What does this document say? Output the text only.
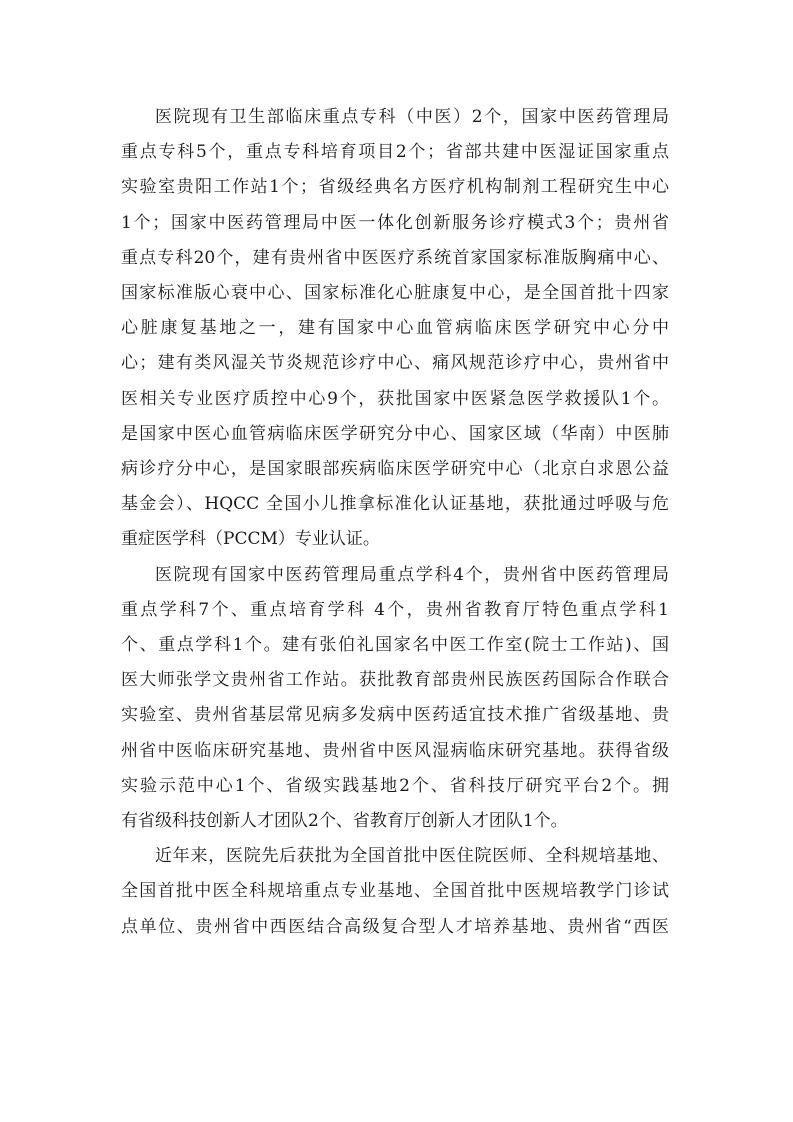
医院现有卫生部临床重点专科（中医）2个，国家中医药管理局
重点专科5个，重点专科培育项目2个；省部共建中医湿证国家重点
实验室贵阳工作站1个；省级经典名方医疗机构制剂工程研究生中心
1个；国家中医药管理局中医一体化创新服务诊疗模式3个；贵州省
重点专科20个，建有贵州省中医医疗系统首家国家标准版胸痛中心、
国家标准版心衰中心、国家标准化心脏康复中心，是全国首批十四家
心脏康复基地之一，建有国家中心血管病临床医学研究中心分中
心；建有类风湿关节炎规范诊疗中心、痛风规范诊疗中心，贵州省中
医相关专业医疗质控中心9个，获批国家中医紧急医学救援队1个。
是国家中医心血管病临床医学研究分中心、国家区域（华南）中医肺
病诊疗分中心，是国家眼部疾病临床医学研究中心（北京白求恩公益
基金会）、HQCC 全国小儿推拿标准化认证基地，获批通过呼吸与危
重症医学科（PCCM）专业认证。
医院现有国家中医药管理局重点学科4个，贵州省中医药管理局
重点学科7个、重点培育学科 4个，贵州省教育厅特色重点学科1
个、重点学科1个。建有张伯礼国家名中医工作室(院士工作站)、国
医大师张学文贵州省工作站。获批教育部贵州民族医药国际合作联合
实验室、贵州省基层常见病多发病中医药适宜技术推广省级基地、贵
州省中医临床研究基地、贵州省中医风湿病临床研究基地。获得省级
实验示范中心1个、省级实践基地2个、省科技厅研究平台2个。拥
有省级科技创新人才团队2个、省教育厅创新人才团队1个。
近年来，医院先后获批为全国首批中医住院医师、全科规培基地、
全国首批中医全科规培重点专业基地、全国首批中医规培教学门诊试
点单位、贵州省中西医结合高级复合型人才培养基地、贵州省“西医
